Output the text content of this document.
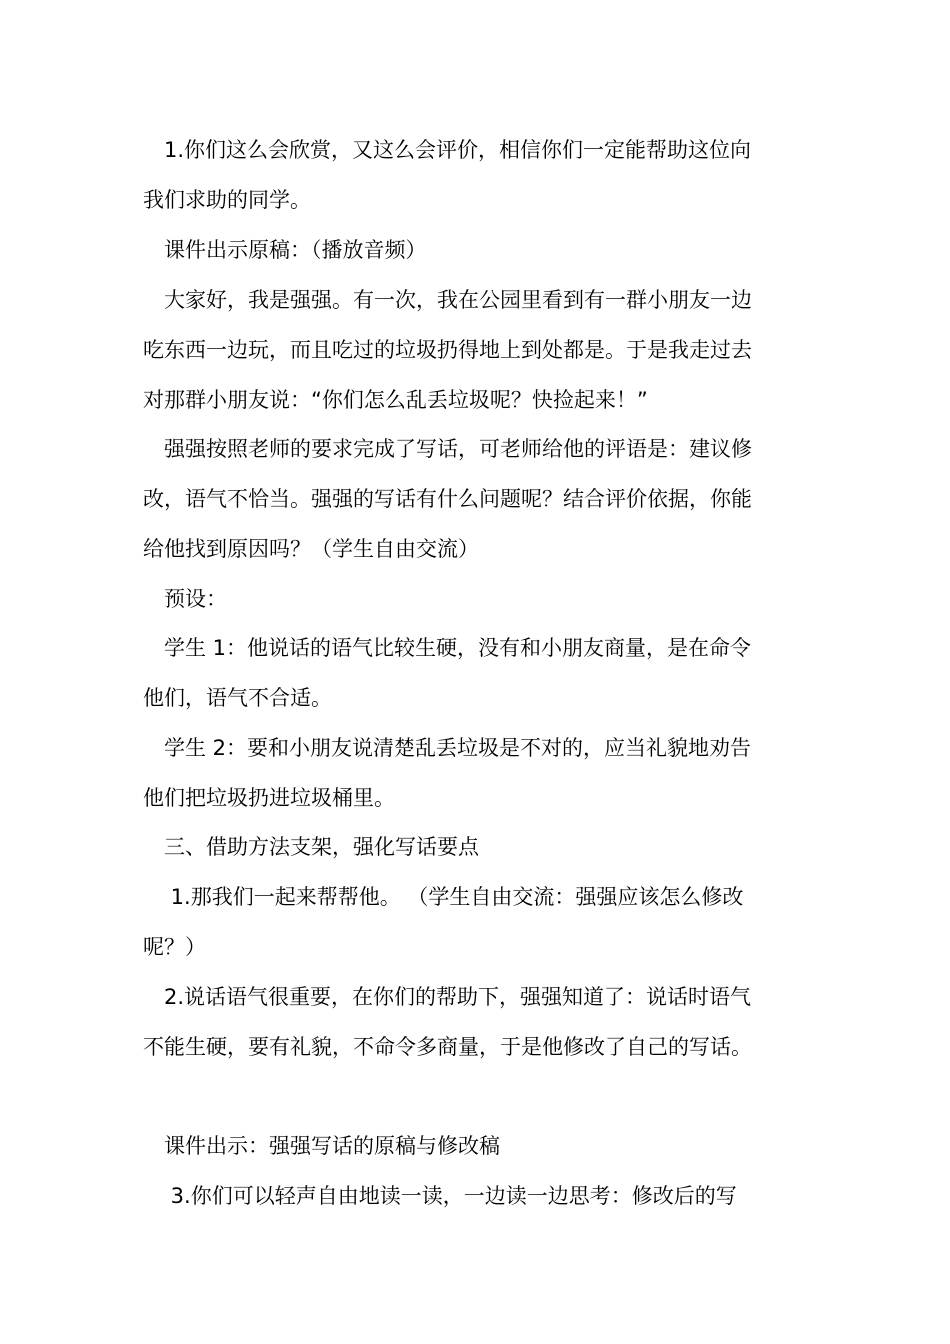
　1.你们这么会欣赏，又这么会评价，相信你们一定能帮助这位向
我们求助的同学。
　课件出示原稿：（播放音频）
　大家好，我是强强。有一次，我在公园里看到有一群小朋友一边
吃东西一边玩，而且吃过的垃圾扔得地上到处都是。于是我走过去
对那群小朋友说：“你们怎么乱丢垃圾呢？快捡起来！”
　强强按照老师的要求完成了写话，可老师给他的评语是：建议修
改，语气不恰当。强强的写话有什么问题呢？结合评价依据，你能
给他找到原因吗？（学生自由交流）
　预设：
　学生 1：他说话的语气比较生硬，没有和小朋友商量，是在命令
他们，语气不合适。
　学生 2：要和小朋友说清楚乱丢垃圾是不对的，应当礼貌地劝告
他们把垃圾扔进垃圾桶里。
　三、借助方法支架，强化写话要点
　 1.那我们一起来帮帮他。 （学生自由交流：强强应该怎么修改
呢？）
　2.说话语气很重要，在你们的帮助下，强强知道了：说话时语气
不能生硬，要有礼貌，不命令多商量，于是他修改了自己的写话。
　课件出示：强强写话的原稿与修改稿
　 3.你们可以轻声自由地读一读，一边读一边思考：修改后的写
